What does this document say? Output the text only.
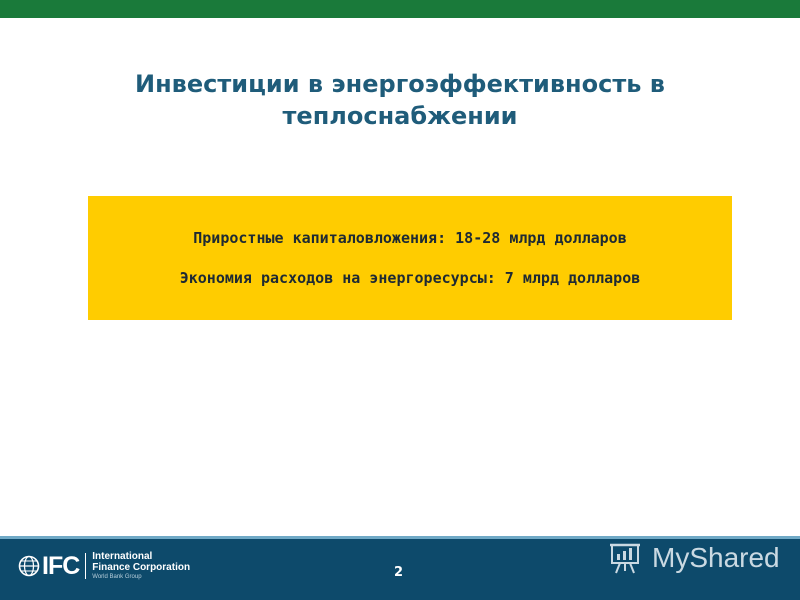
Инвестиции в энергоэффективность в
теплоснабжении
Приростные капиталовложения: 18-28 млрд долларов
Экономия расходов на энергоресурсы: 7 млрд долларов
IFC	International
Finance Corporation
World Bank Group	2	MyShared
